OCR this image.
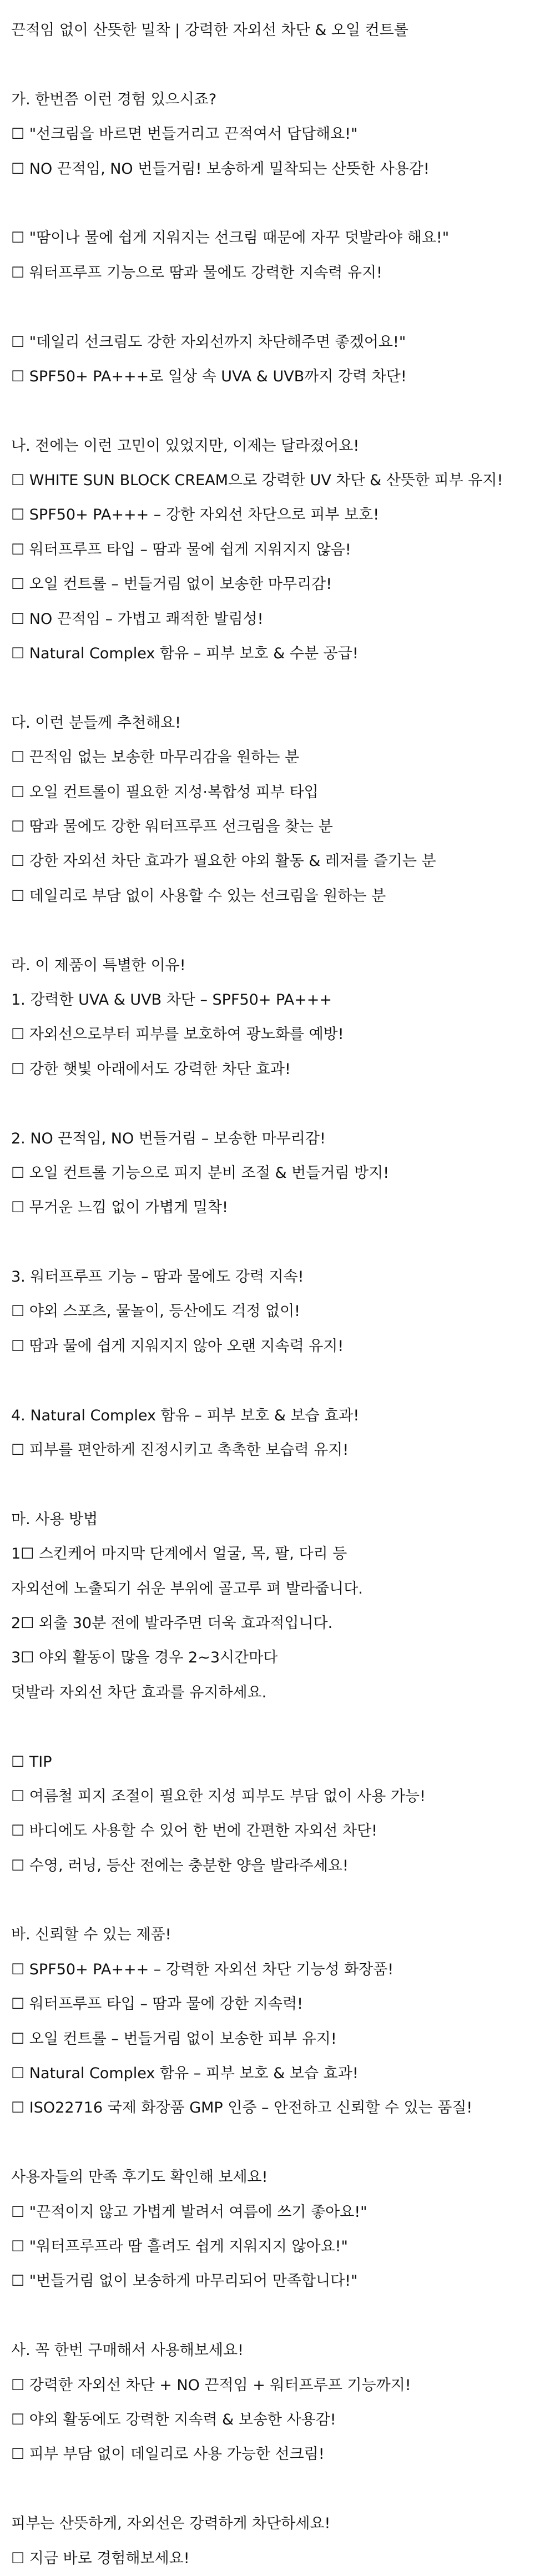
끈적임 없이 산뜻한 밀착 | 강력한 자외선 차단 & 오일 컨트롤
가. 한번쯤 이런 경험 있으시죠?
☐ "선크림을 바르면 번들거리고 끈적여서 답답해요!"
☐ NO 끈적임, NO 번들거림! 보송하게 밀착되는 산뜻한 사용감!
☐ "땀이나 물에 쉽게 지워지는 선크림 때문에 자꾸 덧발라야 해요!"
☐ 워터프루프 기능으로 땀과 물에도 강력한 지속력 유지!
☐ "데일리 선크림도 강한 자외선까지 차단해주면 좋겠어요!"
☐ SPF50+ PA+++로 일상 속 UVA & UVB까지 강력 차단!
나. 전에는 이런 고민이 있었지만, 이제는 달라졌어요!
☐ WHITE SUN BLOCK CREAM으로 강력한 UV 차단 & 산뜻한 피부 유지!
☐ SPF50+ PA+++ – 강한 자외선 차단으로 피부 보호!
☐ 워터프루프 타입 – 땀과 물에 쉽게 지워지지 않음!
☐ 오일 컨트롤 – 번들거림 없이 보송한 마무리감!
☐ NO 끈적임 – 가볍고 쾌적한 발림성!
☐ Natural Complex 함유 – 피부 보호 & 수분 공급!
다. 이런 분들께 추천해요!
☐ 끈적임 없는 보송한 마무리감을 원하는 분
☐ 오일 컨트롤이 필요한 지성·복합성 피부 타입
☐ 땀과 물에도 강한 워터프루프 선크림을 찾는 분
☐ 강한 자외선 차단 효과가 필요한 야외 활동 & 레저를 즐기는 분
☐ 데일리로 부담 없이 사용할 수 있는 선크림을 원하는 분
라. 이 제품이 특별한 이유!
1. 강력한 UVA & UVB 차단 – SPF50+ PA+++
☐ 자외선으로부터 피부를 보호하여 광노화를 예방!
☐ 강한 햇빛 아래에서도 강력한 차단 효과!
2. NO 끈적임, NO 번들거림 – 보송한 마무리감!
☐ 오일 컨트롤 기능으로 피지 분비 조절 & 번들거림 방지!
☐ 무거운 느낌 없이 가볍게 밀착!
3. 워터프루프 기능 – 땀과 물에도 강력 지속!
☐ 야외 스포츠, 물놀이, 등산에도 걱정 없이!
☐ 땀과 물에 쉽게 지워지지 않아 오랜 지속력 유지!
4. Natural Complex 함유 – 피부 보호 & 보습 효과!
☐ 피부를 편안하게 진정시키고 촉촉한 보습력 유지!
마. 사용 방법
1☐ 스킨케어 마지막 단계에서 얼굴, 목, 팔, 다리 등
자외선에 노출되기 쉬운 부위에 골고루 펴 발라줍니다.
2☐ 외출 30분 전에 발라주면 더욱 효과적입니다.
3☐ 야외 활동이 많을 경우 2~3시간마다
덧발라 자외선 차단 효과를 유지하세요.
☐ TIP
☐ 여름철 피지 조절이 필요한 지성 피부도 부담 없이 사용 가능!
☐ 바디에도 사용할 수 있어 한 번에 간편한 자외선 차단!
☐ 수영, 러닝, 등산 전에는 충분한 양을 발라주세요!
바. 신뢰할 수 있는 제품!
☐ SPF50+ PA+++ – 강력한 자외선 차단 기능성 화장품!
☐ 워터프루프 타입 – 땀과 물에 강한 지속력!
☐ 오일 컨트롤 – 번들거림 없이 보송한 피부 유지!
☐ Natural Complex 함유 – 피부 보호 & 보습 효과!
☐ ISO22716 국제 화장품 GMP 인증 – 안전하고 신뢰할 수 있는 품질!
사용자들의 만족 후기도 확인해 보세요!
☐ "끈적이지 않고 가볍게 발려서 여름에 쓰기 좋아요!"
☐ "워터프루프라 땀 흘려도 쉽게 지워지지 않아요!"
☐ "번들거림 없이 보송하게 마무리되어 만족합니다!"
사. 꼭 한번 구매해서 사용해보세요!
☐ 강력한 자외선 차단 + NO 끈적임 + 워터프루프 기능까지!
☐ 야외 활동에도 강력한 지속력 & 보송한 사용감!
☐ 피부 부담 없이 데일리로 사용 가능한 선크림!
피부는 산뜻하게, 자외선은 강력하게 차단하세요!
☐ 지금 바로 경험해보세요!
